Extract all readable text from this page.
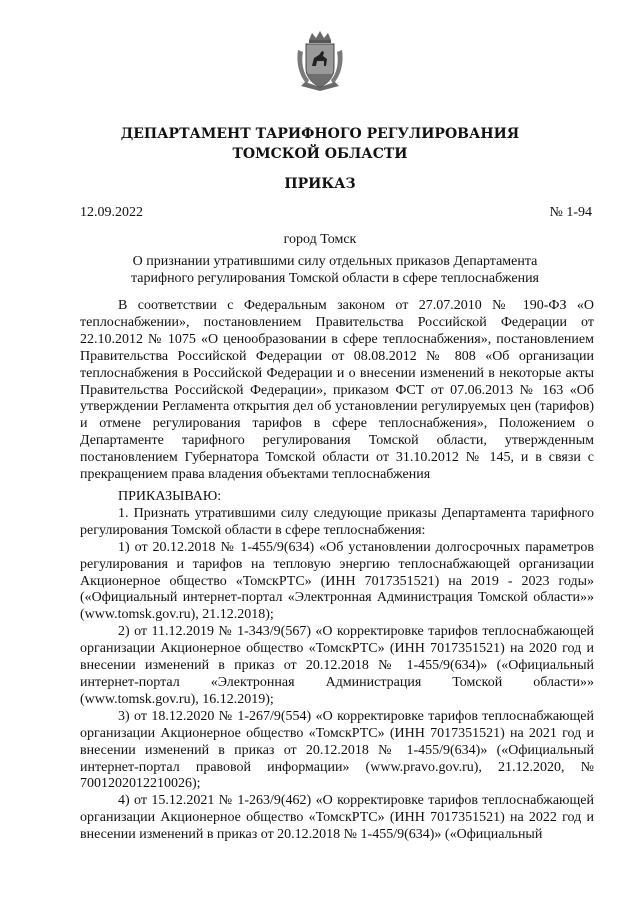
ДЕПАРТАМЕНТ ТАРИФНОГО РЕГУЛИРОВАНИЯ
ТОМСКОЙ ОБЛАСТИ
ПРИКАЗ
12.09.2022	№ 1-94
город Томск
О признании утратившими силу отдельных приказов Департамента тарифного регулирования Томской области в сфере теплоснабжения

В соответствии с Федеральным законом от 27.07.2010 № 190-ФЗ «О теплоснабжении», постановлением Правительства Российской Федерации от 22.10.2012 № 1075 «О ценообразовании в сфере теплоснабжения», постановлением Правительства Российской Федерации от 08.08.2012 № 808 «Об организации теплоснабжения в Российской Федерации и о внесении изменений в некоторые акты Правительства Российской Федерации», приказом ФСТ от 07.06.2013 № 163 «Об утверждении Регламента открытия дел об установлении регулируемых цен (тарифов) и отмене регулирования тарифов в сфере теплоснабжения», Положением о Департаменте тарифного регулирования Томской области, утвержденным постановлением Губернатора Томской области от 31.10.2012 № 145, и в связи с прекращением права владения объектами теплоснабжения

ПРИКАЗЫВАЮ:

1. Признать утратившими силу следующие приказы Департамента тарифного регулирования Томской области в сфере теплоснабжения:

1) от 20.12.2018 № 1-455/9(634) «Об установлении долгосрочных параметров регулирования и тарифов на тепловую энергию теплоснабжающей организации Акционерное общество «ТомскРТС» (ИНН 7017351521) на 2019 - 2023 годы» («Официальный интернет-портал «Электронная Администрация Томской области»» (www.tomsk.gov.ru), 21.12.2018);

2) от 11.12.2019 № 1-343/9(567) «О корректировке тарифов теплоснабжающей организации Акционерное общество «ТомскРТС» (ИНН 7017351521) на 2020 год и внесении изменений в приказ от 20.12.2018 № 1-455/9(634)» («Официальный интернет-портал «Электронная Администрация Томской области»» (www.tomsk.gov.ru), 16.12.2019);

3) от 18.12.2020 № 1-267/9(554) «О корректировке тарифов теплоснабжающей организации Акционерное общество «ТомскРТС» (ИНН 7017351521) на 2021 год и внесении изменений в приказ от 20.12.2018 № 1-455/9(634)» («Официальный интернет-портал правовой информации» (www.pravo.gov.ru), 21.12.2020, № 7001202012210026);

4) от 15.12.2021 № 1-263/9(462) «О корректировке тарифов теплоснабжающей организации Акционерное общество «ТомскРТС» (ИНН 7017351521) на 2022 год и внесении изменений в приказ от 20.12.2018 № 1-455/9(634)» («Официальный
